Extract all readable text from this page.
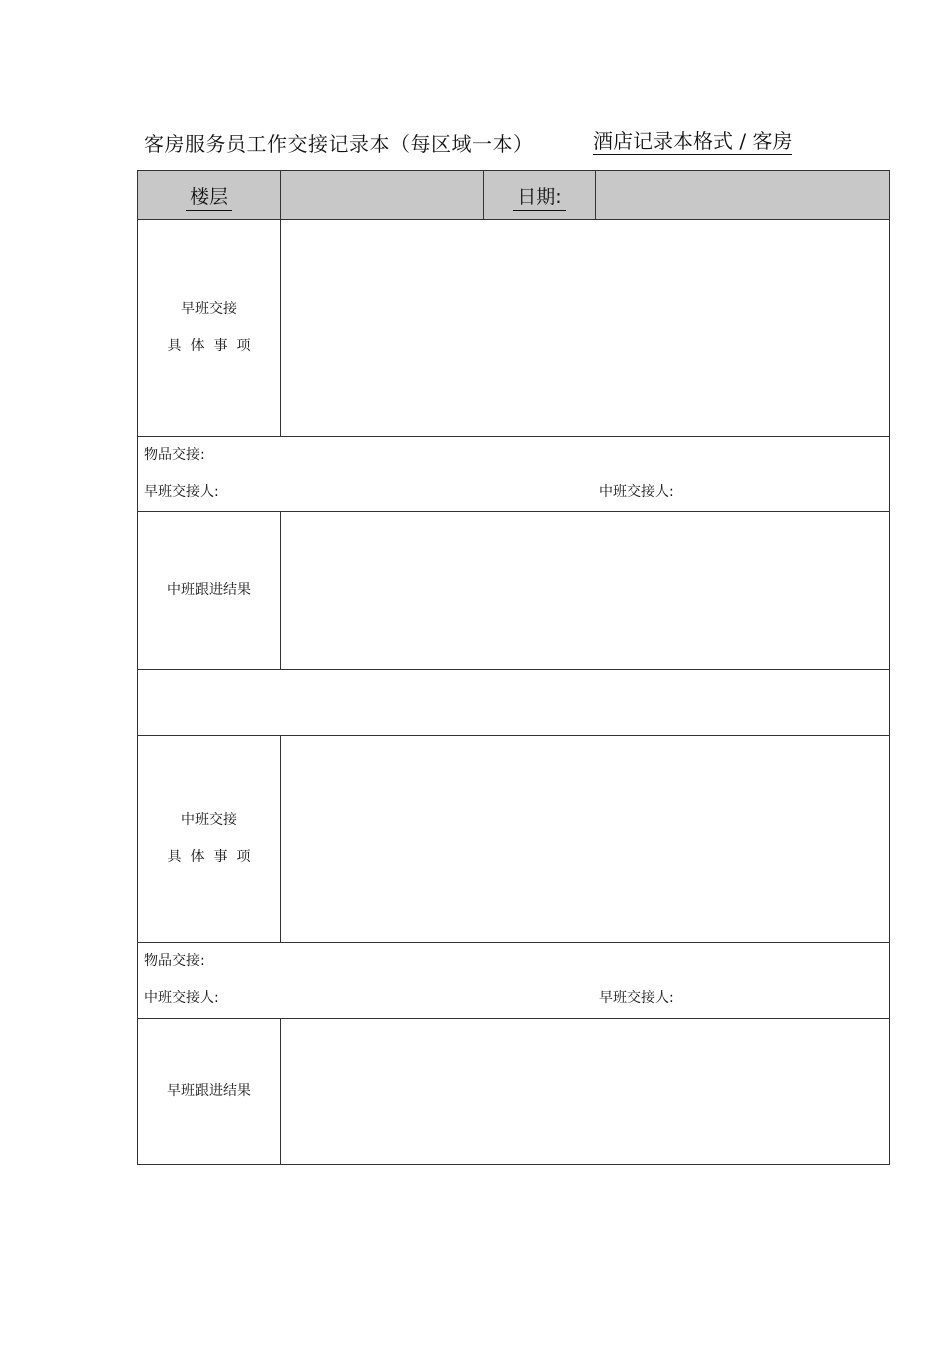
客房服务员工作交接记录本（每区域一本）	酒店记录本格式 / 客房
楼层		日期:	

早班交接
具体事项			

物品交接:
早班交接人: 中班交接人:			

中班跟进结果			

中班交接
具体事项			

物品交接:
中班交接人: 早班交接人:			

早班跟进结果			
